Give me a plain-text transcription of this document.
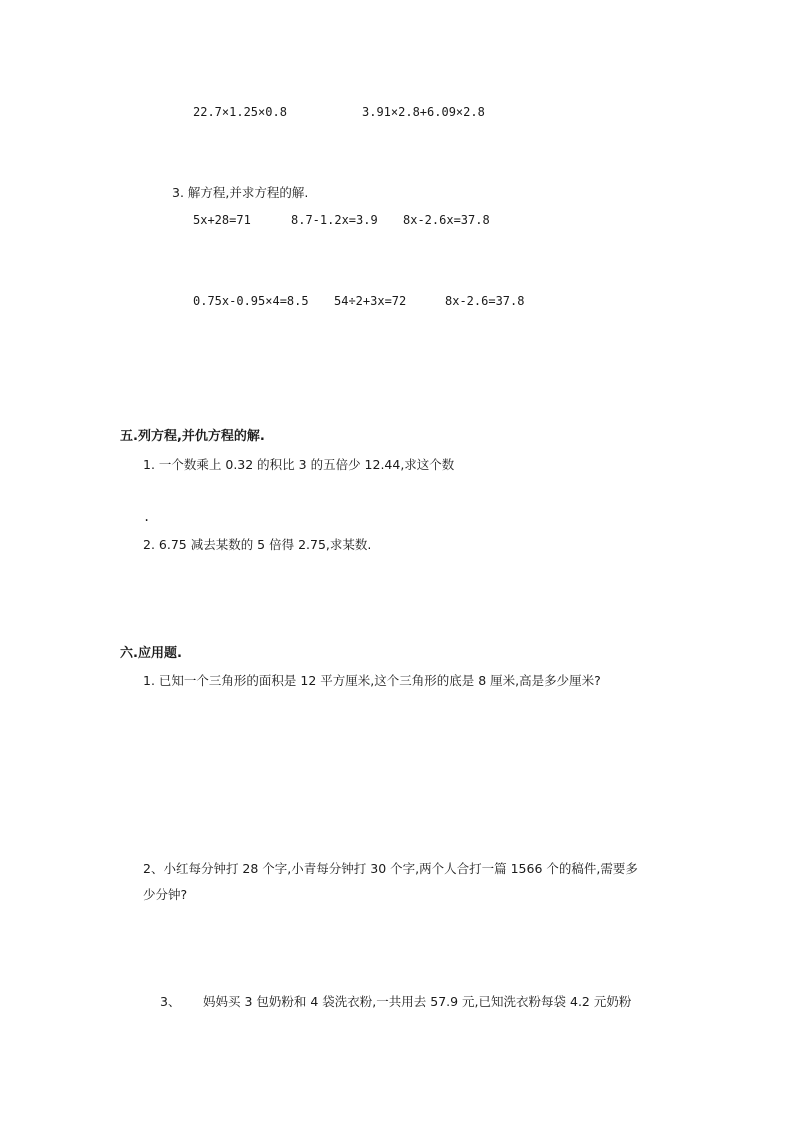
22.7×1.25×0.8	3.91×2.8+6.09×2.8
3. 解方程,并求方程的解.
5x+28=71	8.7-1.2x=3.9 8x-2.6x=37.8
0.75x-0.95×4=8.5 54÷2+3x=72	8x-2.6=37.8
五.列方程,并仇方程的解.
1. 一个数乘上 0.32 的积比 3 的五倍少 12.44,求这个数
.
2. 6.75 减去某数的 5 倍得 2.75,求某数.
六.应用题.
1. 已知一个三角形的面积是 12 平方厘米,这个三角形的底是 8 厘米,高是多少厘米?
2、小红每分钟打 28 个字,小青每分钟打 30 个字,两个人合打一篇 1566 个的稿件,需要多
少分钟?
3、 妈妈买 3 包奶粉和 4 袋洗衣粉,一共用去 57.9 元,已知洗衣粉每袋 4.2 元奶粉
